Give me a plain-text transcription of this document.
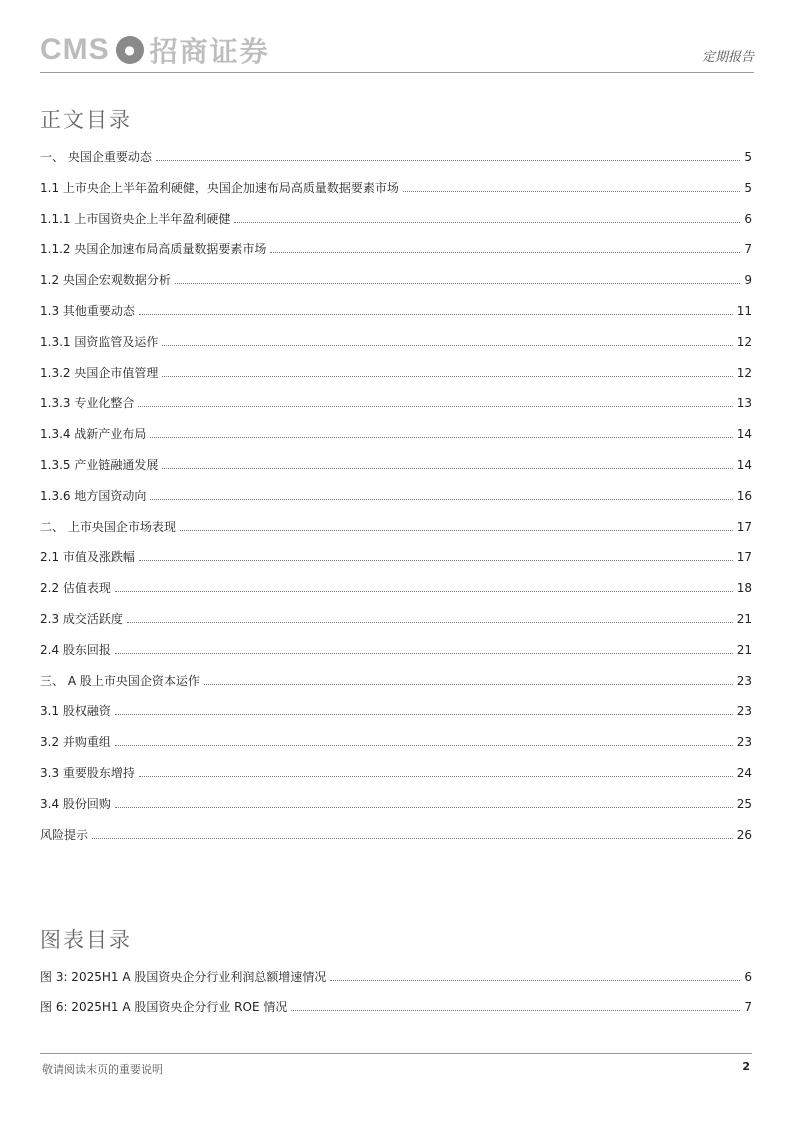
CMS	● 招商证券	定期报告
正文目录
一、 央国企重要动态	5
1.1 上市央企上半年盈利硬健，央国企加速布局高质量数据要素市场	5
1.1.1 上市国资央企上半年盈利硬健	6
1.1.2 央国企加速布局高质量数据要素市场	7
1.2 央国企宏观数据分析	9
1.3 其他重要动态	11
1.3.1 国资监管及运作	12
1.3.2 央国企市值管理	12
1.3.3 专业化整合	13
1.3.4 战新产业布局	14
1.3.5 产业链融通发展	14
1.3.6 地方国资动向	16
二、 上市央国企市场表现	17
2.1 市值及涨跌幅	17
2.2 估值表现	18
2.3 成交活跃度	21
2.4 股东回报	21
三、 A 股上市央国企资本运作	23
3.1 股权融资	23
3.2 并购重组	23
3.3 重要股东增持	24
3.4 股份回购	25
风险提示	26
图表目录
图 3: 2025H1 A 股国资央企分行业利润总额增速情况	6
图 6: 2025H1 A 股国资央企分行业 ROE 情况	7
敬请阅读末页的重要说明	2
